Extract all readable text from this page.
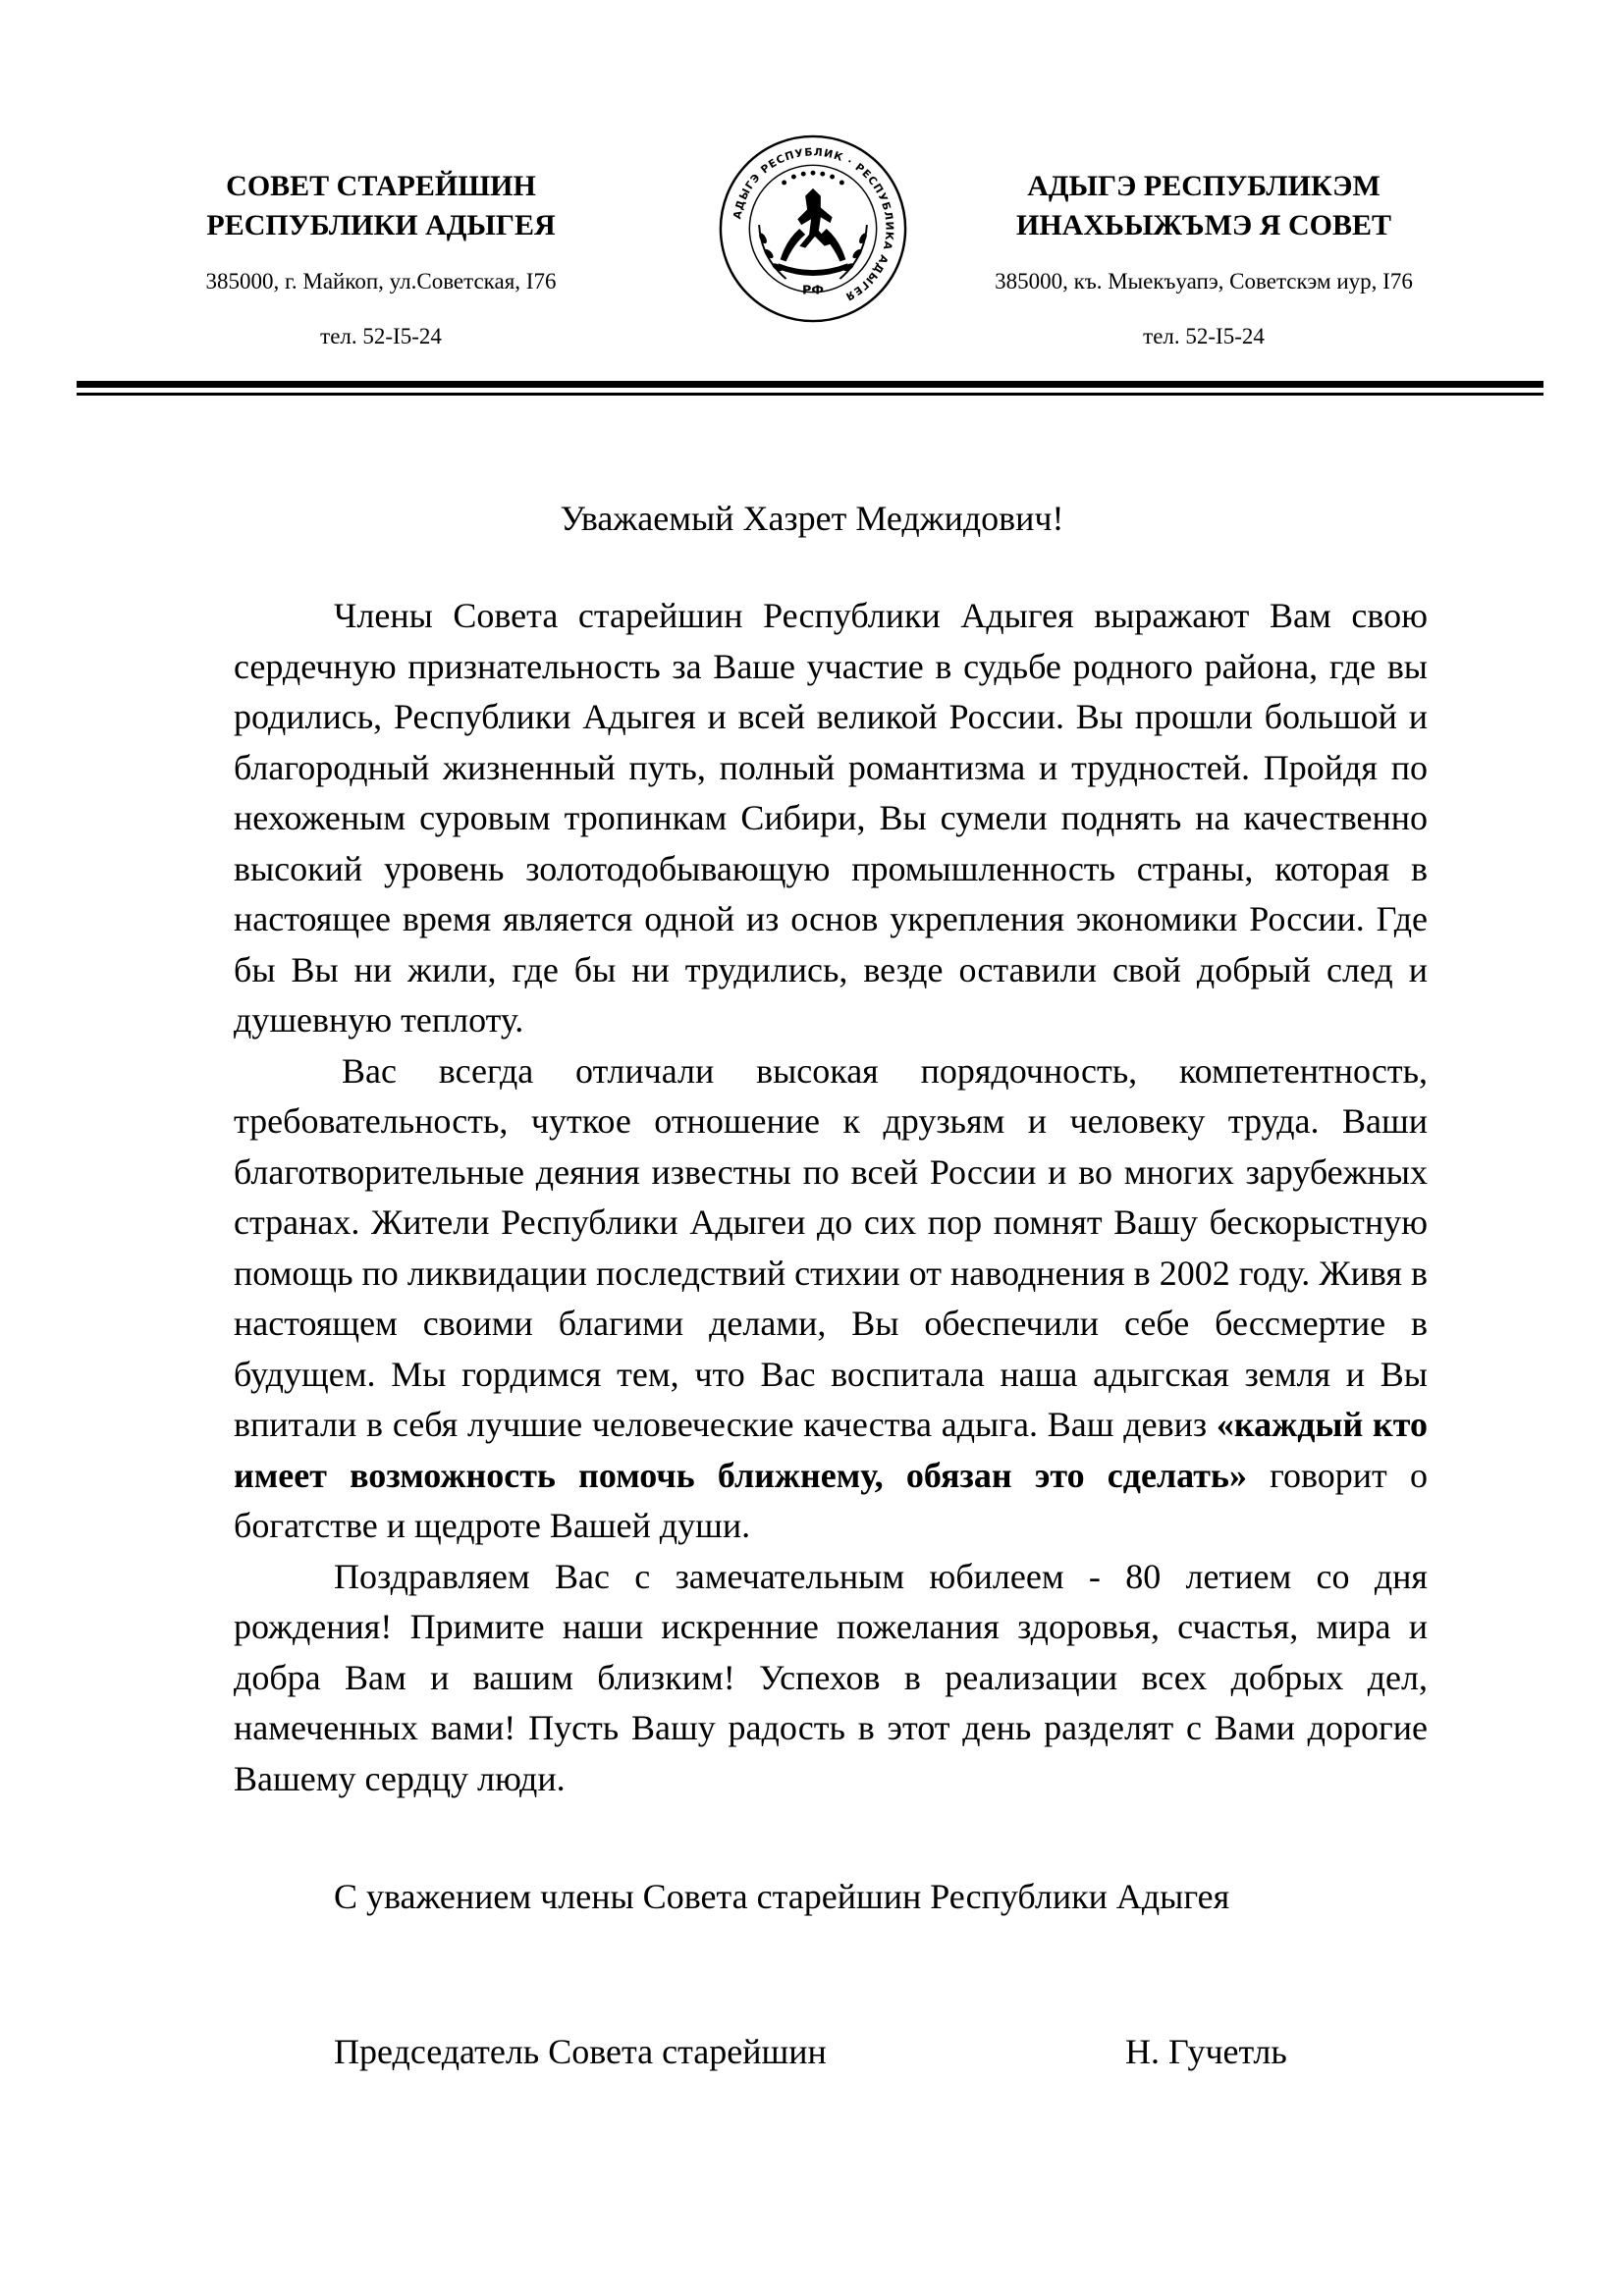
СОВЕТ СТАРЕЙШИН
РЕСПУБЛИКИ АДЫГЕЯ
385000, г. Майкоп, ул.Советская, I76
тел. 52-I5-24
АДЫГЭ РЕСПУБЛИК · РЕСПУБЛИКА АДЫГЕЯ
РФ
АДЫГЭ РЕСПУБЛИКЭМ
ИНАХЬЫЖЪМЭ Я СОВЕТ
385000, къ. Мыекъуапэ, Советскэм иур, I76
тел. 52-I5-24
Уважаемый Хазрет Меджидович!

Члены Совета старейшин Республики Адыгея выражают Вам свою сердечную признательность за Ваше участие в судьбе родного района, где вы родились, Республики Адыгея и всей великой России. Вы прошли большой и благородный жизненный путь, полный романтизма и трудностей. Пройдя по нехоженым суровым тропинкам Сибири, Вы сумели поднять на качественно высокий уровень золотодобывающую промышленность страны, которая в настоящее время является одной из основ укрепления экономики России. Где бы Вы ни жили, где бы ни трудились, везде оставили свой добрый след и душевную теплоту.

Вас всегда отличали высокая порядочность, компетентность, требовательность, чуткое отношение к друзьям и человеку труда. Ваши благотворительные деяния известны по всей России и во многих зарубежных странах. Жители Республики Адыгеи до сих пор помнят Вашу бескорыстную помощь по ликвидации последствий стихии от наводнения в 2002 году. Живя в настоящем своими благими делами, Вы обеспечили себе бессмертие в будущем. Мы гордимся тем, что Вас воспитала наша адыгская земля и Вы впитали в себя лучшие человеческие качества адыга. Ваш девиз «каждый кто имеет возможность помочь ближнему, обязан это сделать» говорит о богатстве и щедроте Вашей души.

Поздравляем Вас с замечательным юбилеем - 80 летием со дня рождения! Примите наши искренние пожелания здоровья, счастья, мира и добра Вам и вашим близким! Успехов в реализации всех добрых дел, намеченных вами! Пусть Вашу радость в этот день разделят с Вами дорогие Вашему сердцу люди.

С уважением члены Совета старейшин Республики Адыгея
Председатель Совета старейшин	Н. Гучетль
